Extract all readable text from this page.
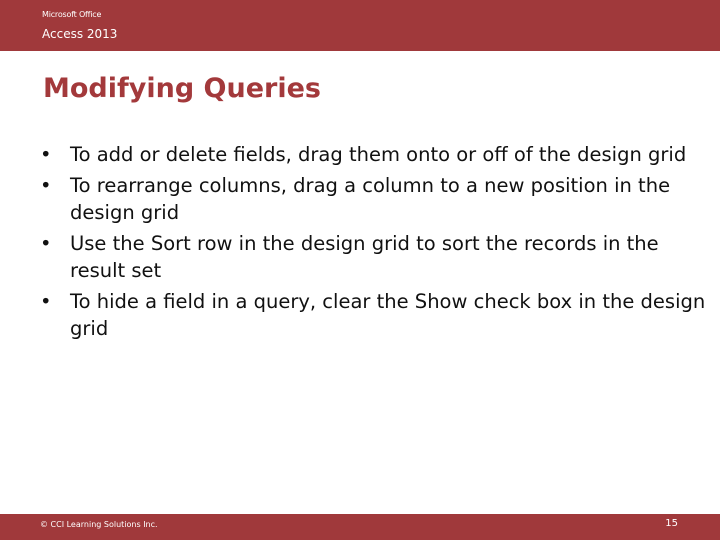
Microsoft Office
Access 2013
Modifying Queries
• To add or delete fields, drag them onto or off of the design grid
• To rearrange columns, drag a column to a new position in the design grid
• Use the Sort row in the design grid to sort the records in the result set
• To hide a field in a query, clear the Show check box in the design grid
© CCI Learning Solutions Inc.	15
